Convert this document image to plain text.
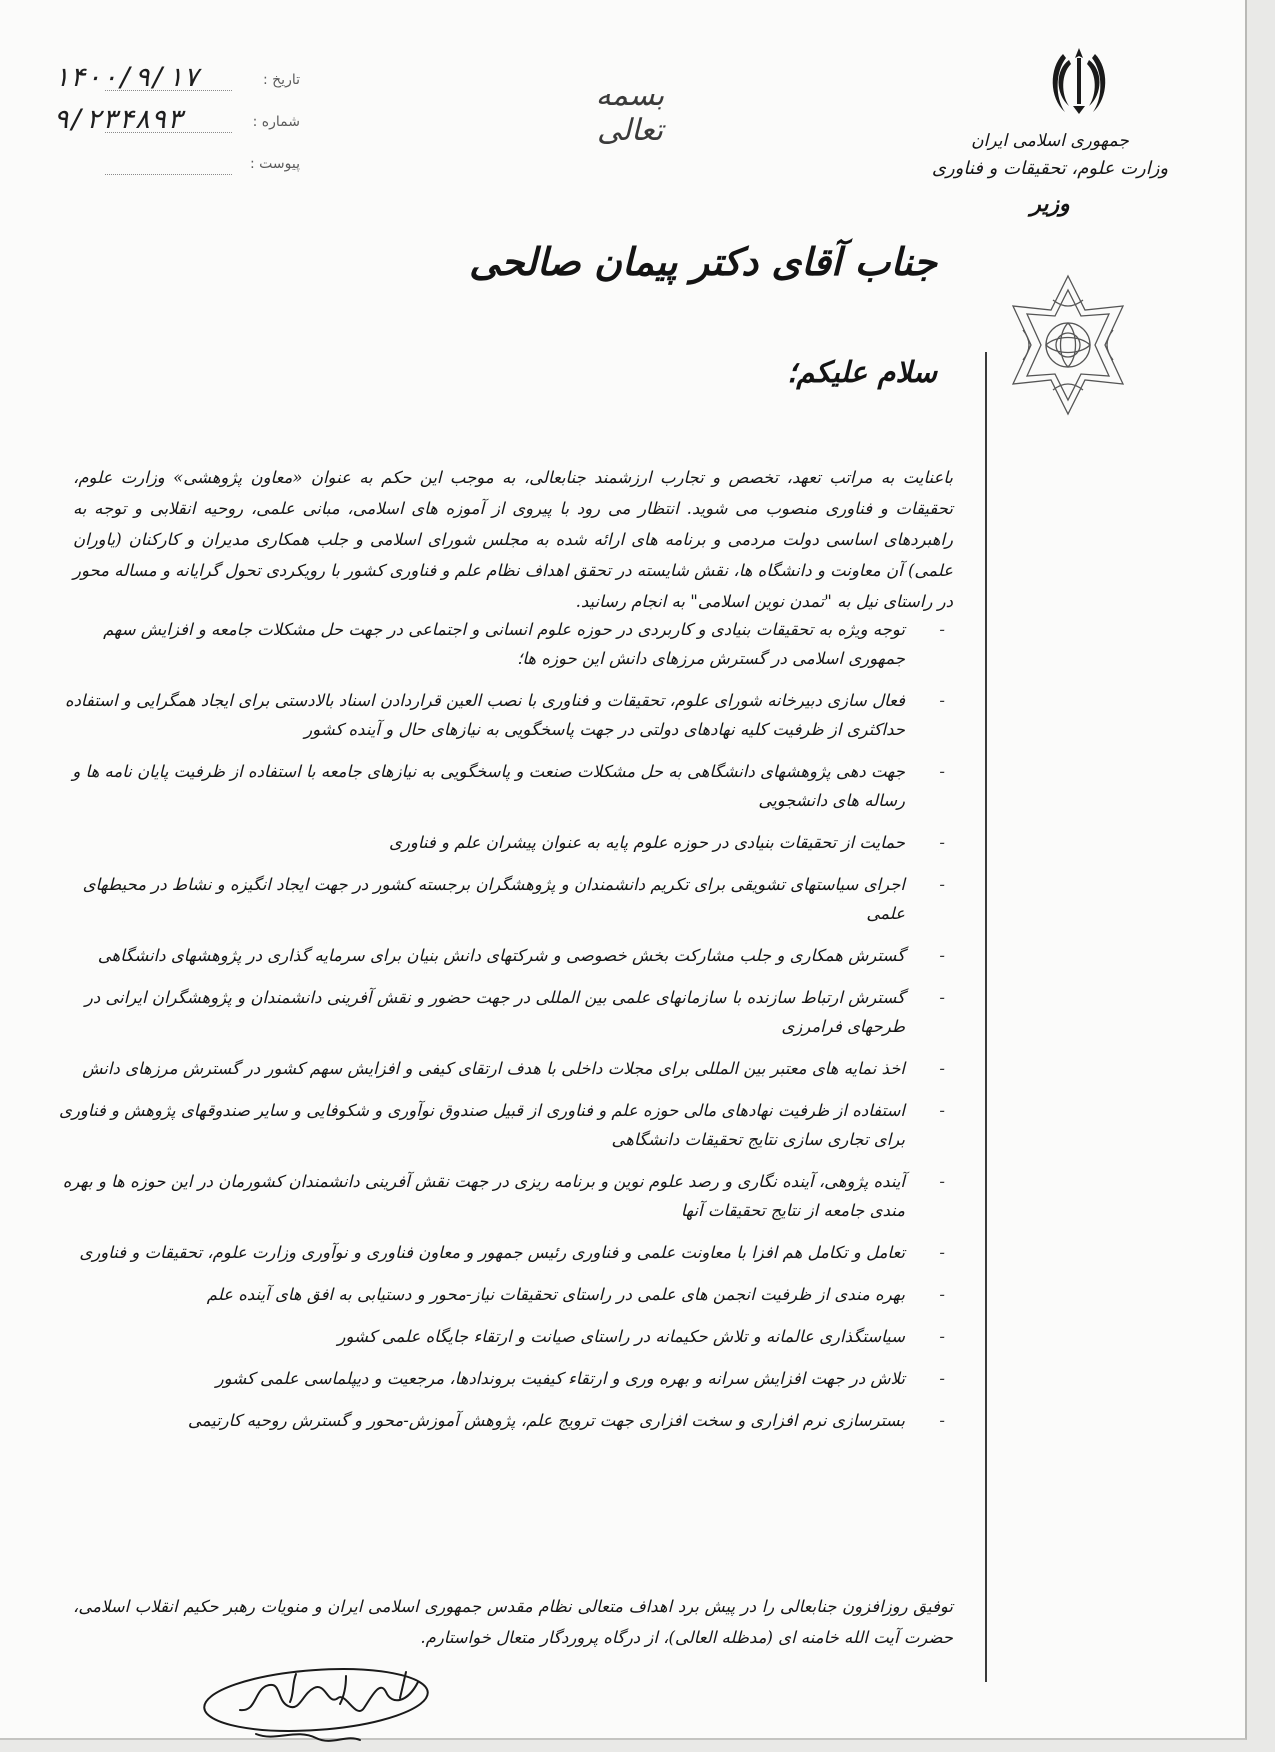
جمهوری اسلامی ایران
وزارت علوم، تحقیقات و فناوری
وزیر
بسمه تعالی
تاریخ :
۱۴۰۰/۹/۱۷
شماره :
۹/۲۳۴۸۹۳
پیوست :
جناب آقای دکتر پیمان صالحی
سلام علیکم؛
باعنایت به مراتب تعهد، تخصص و تجارب ارزشمند جنابعالی، به موجب این حکم به عنوان «معاون پژوهشی» وزارت علوم، تحقیقات و فناوری منصوب می شوید. انتظار می رود با پیروی از آموزه های اسلامی، مبانی علمی، روحیه انقلابی و توجه به راهبردهای اساسی دولت مردمی و برنامه های ارائه شده به مجلس شورای اسلامی و جلب همکاری مدیران و کارکنان (یاوران علمی) آن معاونت و دانشگاه ها، نقش شایسته در تحقق اهداف نظام علم و فناوری کشور با رویکردی تحول گرایانه و مساله محور در راستای نیل به "تمدن نوین اسلامی" به انجام رسانید.
-
توجه ویژه به تحقیقات بنیادی و کاربردی در حوزه علوم انسانی و اجتماعی در جهت حل مشکلات جامعه و افزایش سهم جمهوری اسلامی در گسترش مرزهای دانش این حوزه ها؛
-
فعال سازی دبیرخانه شورای علوم، تحقیقات و فناوری با نصب العین قراردادن اسناد بالادستی برای ایجاد همگرایی و استفاده حداکثری از ظرفیت کلیه نهادهای دولتی در جهت پاسخگویی به نیازهای حال و آینده کشور
-
جهت دهی پژوهشهای دانشگاهی به حل مشکلات صنعت و پاسخگویی به نیازهای جامعه با استفاده از ظرفیت پایان نامه ها و رساله های دانشجویی
-
حمایت از تحقیقات بنیادی در حوزه علوم پایه به عنوان پیشران علم و فناوری
-
اجرای سیاستهای تشویقی برای تکریم دانشمندان و پژوهشگران برجسته کشور در جهت ایجاد انگیزه و نشاط در محیطهای علمی
-
گسترش همکاری و جلب مشارکت بخش خصوصی و شرکتهای دانش بنیان برای سرمایه گذاری در پژوهشهای دانشگاهی
-
گسترش ارتباط سازنده با سازمانهای علمی بین المللی در جهت حضور و نقش آفرینی دانشمندان و پژوهشگران ایرانی در طرحهای فرامرزی
-
اخذ نمایه های معتبر بین المللی برای مجلات داخلی با هدف ارتقای کیفی و افزایش سهم کشور در گسترش مرزهای دانش
-
استفاده از ظرفیت نهادهای مالی حوزه علم و فناوری از قبیل صندوق نوآوری و شکوفایی و سایر صندوقهای پژوهش و فناوری برای تجاری سازی نتایج تحقیقات دانشگاهی
-
آینده پژوهی، آینده نگاری و رصد علوم نوین و برنامه ریزی در جهت نقش آفرینی دانشمندان کشورمان در این حوزه ها و بهره مندی جامعه از نتایج تحقیقات آنها
-
تعامل و تکامل هم افزا با معاونت علمی و فناوری رئیس جمهور و معاون فناوری و نوآوری وزارت علوم، تحقیقات و فناوری
-
بهره مندی از ظرفیت انجمن های علمی در راستای تحقیقات نیاز-محور و دستیابی به افق های آینده علم
-
سیاستگذاری عالمانه و تلاش حکیمانه در راستای صیانت و ارتقاء جایگاه علمی کشور
-
تلاش در جهت افزایش سرانه و بهره وری و ارتقاء کیفیت بروندادها، مرجعیت و دیپلماسی علمی کشور
-
بسترسازی نرم افزاری و سخت افزاری جهت ترویج علم، پژوهش آموزش-محور و گسترش روحیه کارتیمی
توفیق روزافزون جنابعالی را در پیش برد اهداف متعالی نظام مقدس جمهوری اسلامی ایران و منویات رهبر حکیم انقلاب اسلامی، حضرت آیت الله خامنه ای (مدظله العالی)، از درگاه پروردگار متعال خواستارم.
